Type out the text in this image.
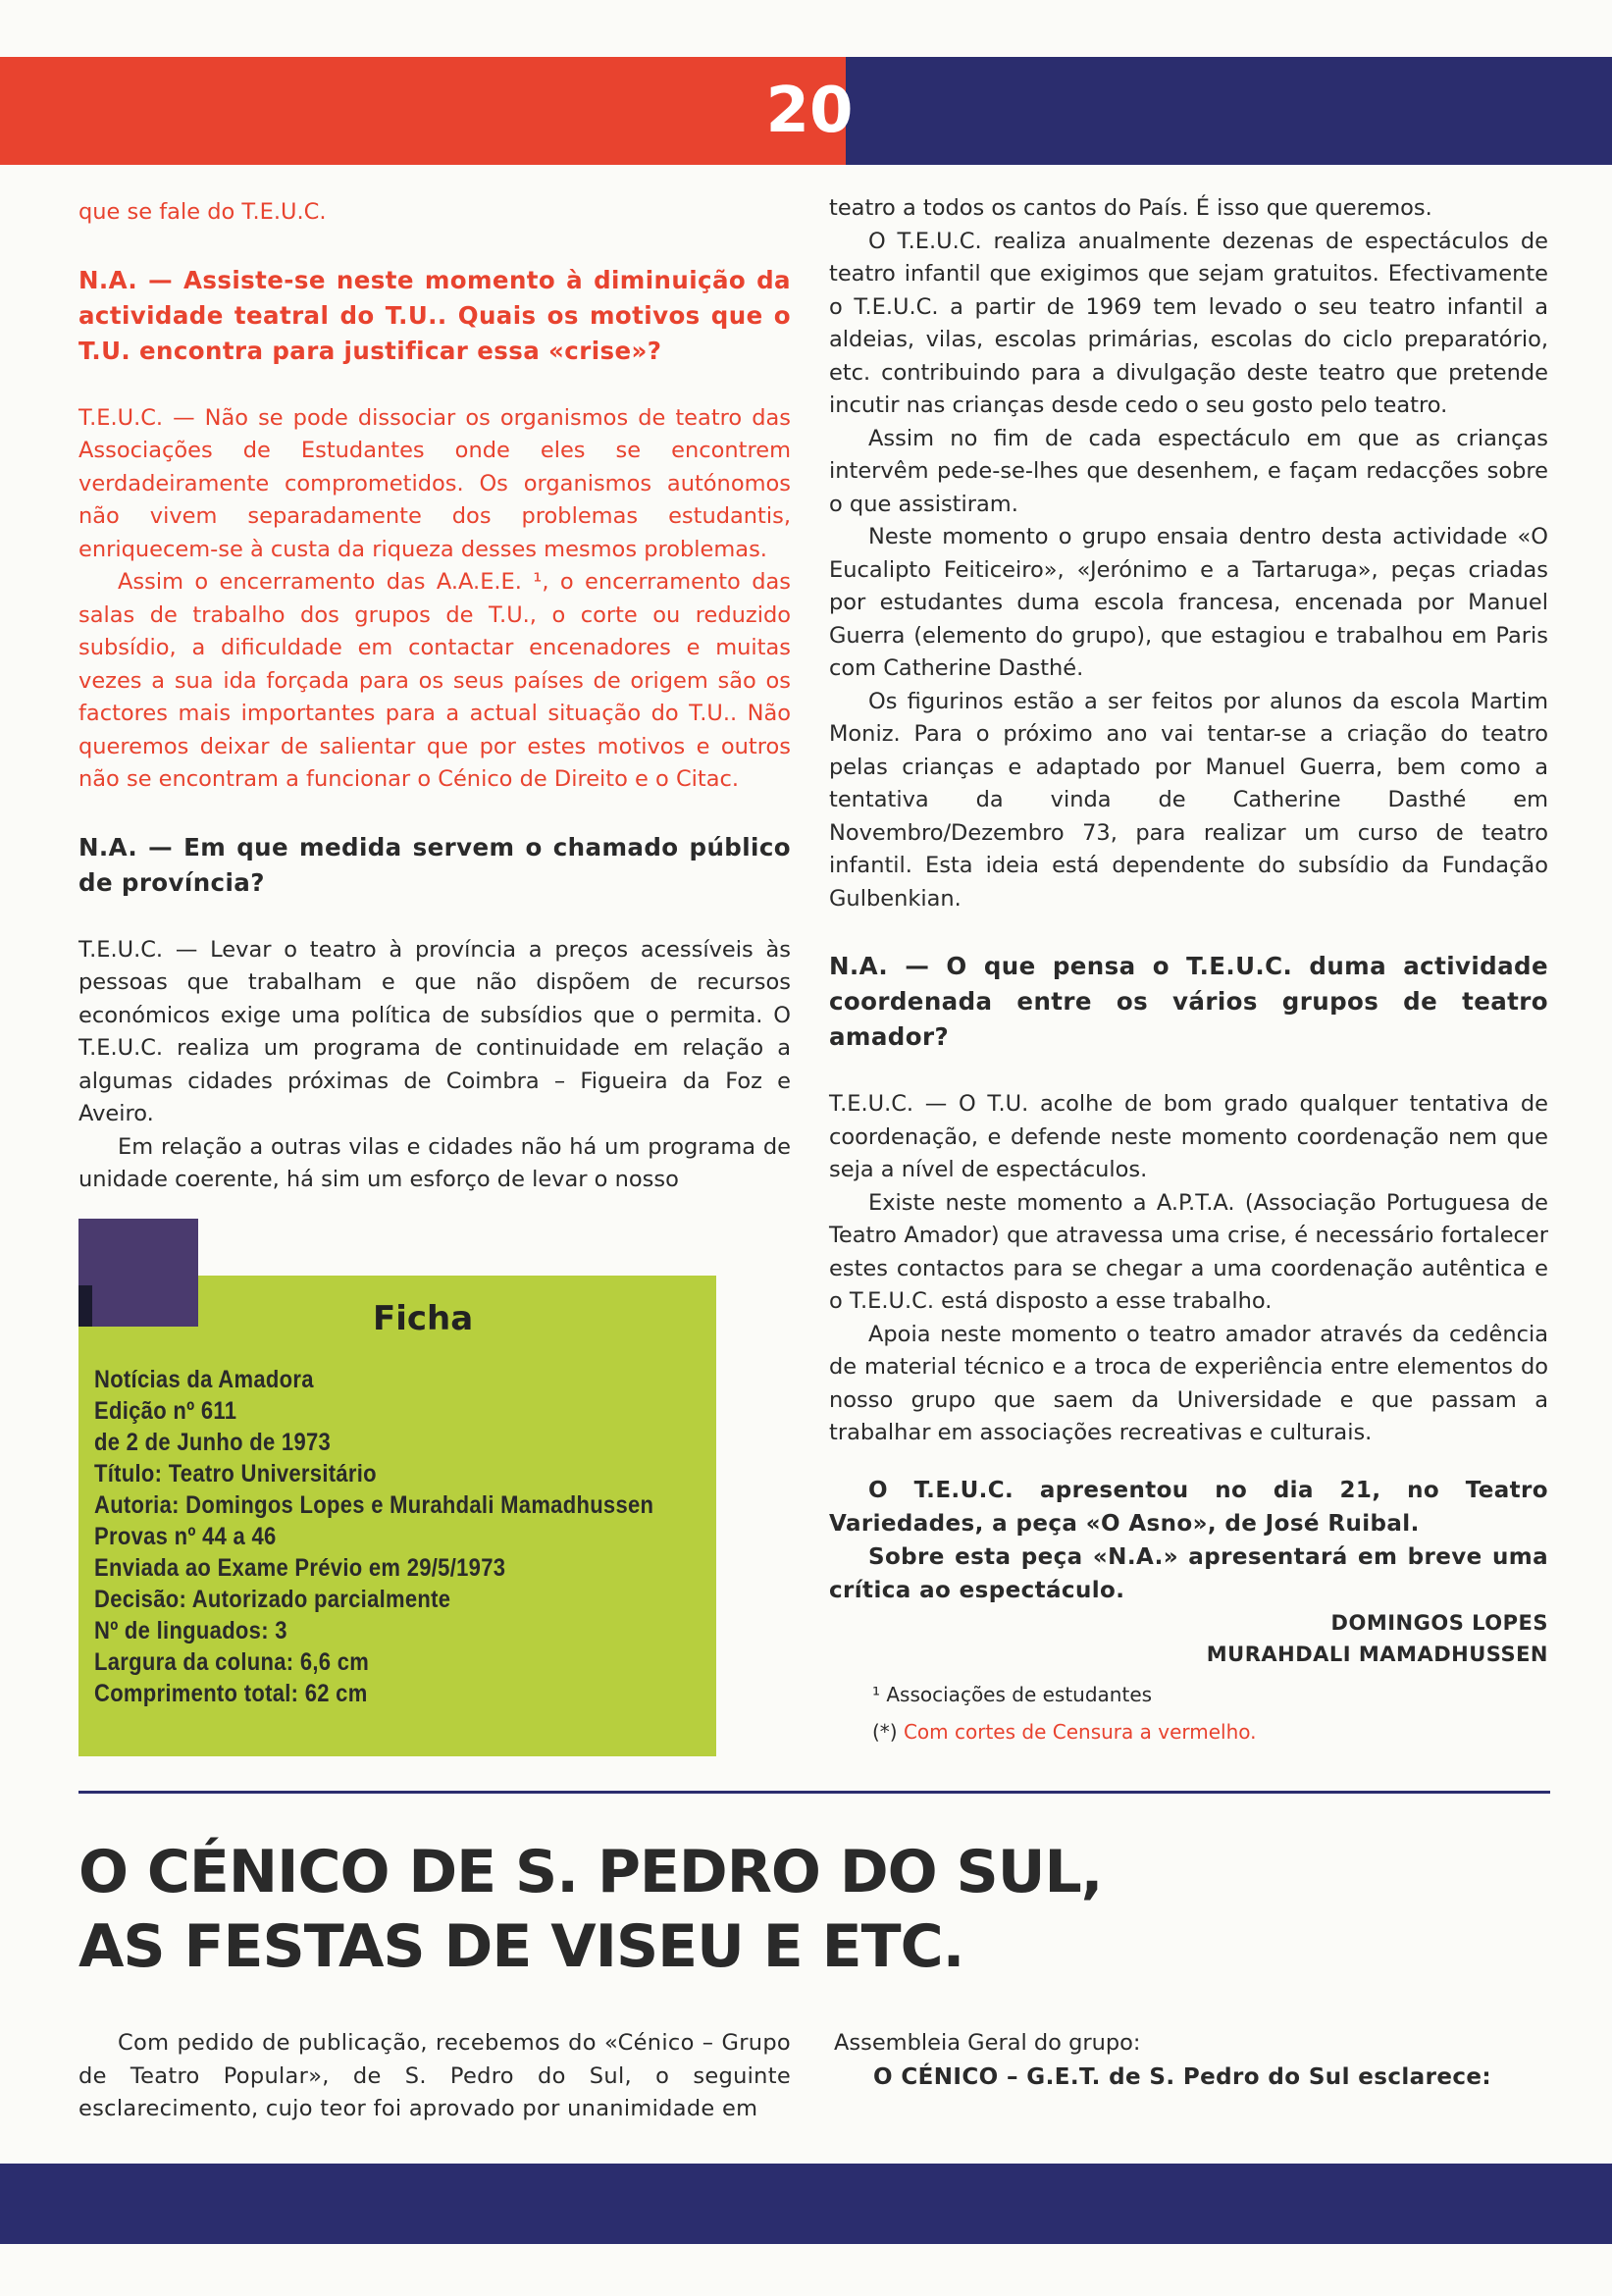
20

que se fale do T.E.U.C.

N.A. — Assiste-se neste momento à diminuição da actividade teatral do T.U.. Quais os motivos que o T.U. encontra para justificar essa «crise»?

T.E.U.C. — Não se pode dissociar os organismos de teatro das Associações de Estudantes onde eles se encontrem verdadeiramente comprometidos. Os organismos autónomos não vivem separadamente dos problemas estudantis, enriquecem-se à custa da riqueza desses mesmos problemas.

Assim o encerramento das A.A.E.E. ¹, o encerramento das salas de trabalho dos grupos de T.U., o corte ou reduzido subsídio, a dificuldade em contactar encenadores e muitas vezes a sua ida forçada para os seus países de origem são os factores mais importantes para a actual situação do T.U.. Não queremos deixar de salientar que por estes motivos e outros não se encontram a funcionar o Cénico de Direito e o Citac.

N.A. — Em que medida servem o chamado público de província?

T.E.U.C. — Levar o teatro à província a preços acessíveis às pessoas que trabalham e que não dispõem de recursos económicos exige uma política de subsídios que o permita. O T.E.U.C. realiza um programa de continuidade em relação a algumas cidades próximas de Coimbra – Figueira da Foz e Aveiro.

Em relação a outras vilas e cidades não há um programa de unidade coerente, há sim um esforço de levar o nosso

Ficha
Notícias da Amadora
Edição nº 611
de 2 de Junho de 1973
Título: Teatro Universitário
Autoria: Domingos Lopes e Murahdali Mamadhussen
Provas nº 44 a 46
Enviada ao Exame Prévio em 29/5/1973
Decisão: Autorizado parcialmente
Nº de linguados: 3
Largura da coluna: 6,6 cm
Comprimento total: 62 cm

teatro a todos os cantos do País. É isso que queremos.

O T.E.U.C. realiza anualmente dezenas de espectáculos de teatro infantil que exigimos que sejam gratuitos. Efectivamente o T.E.U.C. a partir de 1969 tem levado o seu teatro infantil a aldeias, vilas, escolas primárias, escolas do ciclo preparatório, etc. contribuindo para a divulgação deste teatro que pretende incutir nas crianças desde cedo o seu gosto pelo teatro.

Assim no fim de cada espectáculo em que as crianças intervêm pede-se-lhes que desenhem, e façam redacções sobre o que assistiram.

Neste momento o grupo ensaia dentro desta actividade «O Eucalipto Feiticeiro», «Jerónimo e a Tartaruga», peças criadas por estudantes duma escola francesa, encenada por Manuel Guerra (elemento do grupo), que estagiou e trabalhou em Paris com Catherine Dasthé.

Os figurinos estão a ser feitos por alunos da escola Martim Moniz. Para o próximo ano vai tentar-se a criação do teatro pelas crianças e adaptado por Manuel Guerra, bem como a tentativa da vinda de Catherine Dasthé em Novembro/Dezembro 73, para realizar um curso de teatro infantil. Esta ideia está dependente do subsídio da Fundação Gulbenkian.

N.A. — O que pensa o T.E.U.C. duma actividade coordenada entre os vários grupos de teatro amador?

T.E.U.C. — O T.U. acolhe de bom grado qualquer tentativa de coordenação, e defende neste momento coordenação nem que seja a nível de espectáculos.

Existe neste momento a A.P.T.A. (Associação Portuguesa de Teatro Amador) que atravessa uma crise, é necessário fortalecer estes contactos para se chegar a uma coordenação autêntica e o T.E.U.C. está disposto a esse trabalho.

Apoia neste momento o teatro amador através da cedência de material técnico e a troca de experiência entre elementos do nosso grupo que saem da Universidade e que passam a trabalhar em associações recreativas e culturais.

O T.E.U.C. apresentou no dia 21, no Teatro Variedades, a peça «O Asno», de José Ruibal.

Sobre esta peça «N.A.» apresentará em breve uma crítica ao espectáculo.

DOMINGOS LOPES
MURAHDALI MAMADHUSSEN

¹ Associações de estudantes

(*) Com cortes de Censura a vermelho.

O CÉNICO DE S. PEDRO DO SUL,
AS FESTAS DE VISEU E ETC.

Com pedido de publicação, recebemos do «Cénico – Grupo de Teatro Popular», de S. Pedro do Sul, o seguinte esclarecimento, cujo teor foi aprovado por unanimidade em

Assembleia Geral do grupo:

O CÉNICO – G.E.T. de S. Pedro do Sul esclarece:
